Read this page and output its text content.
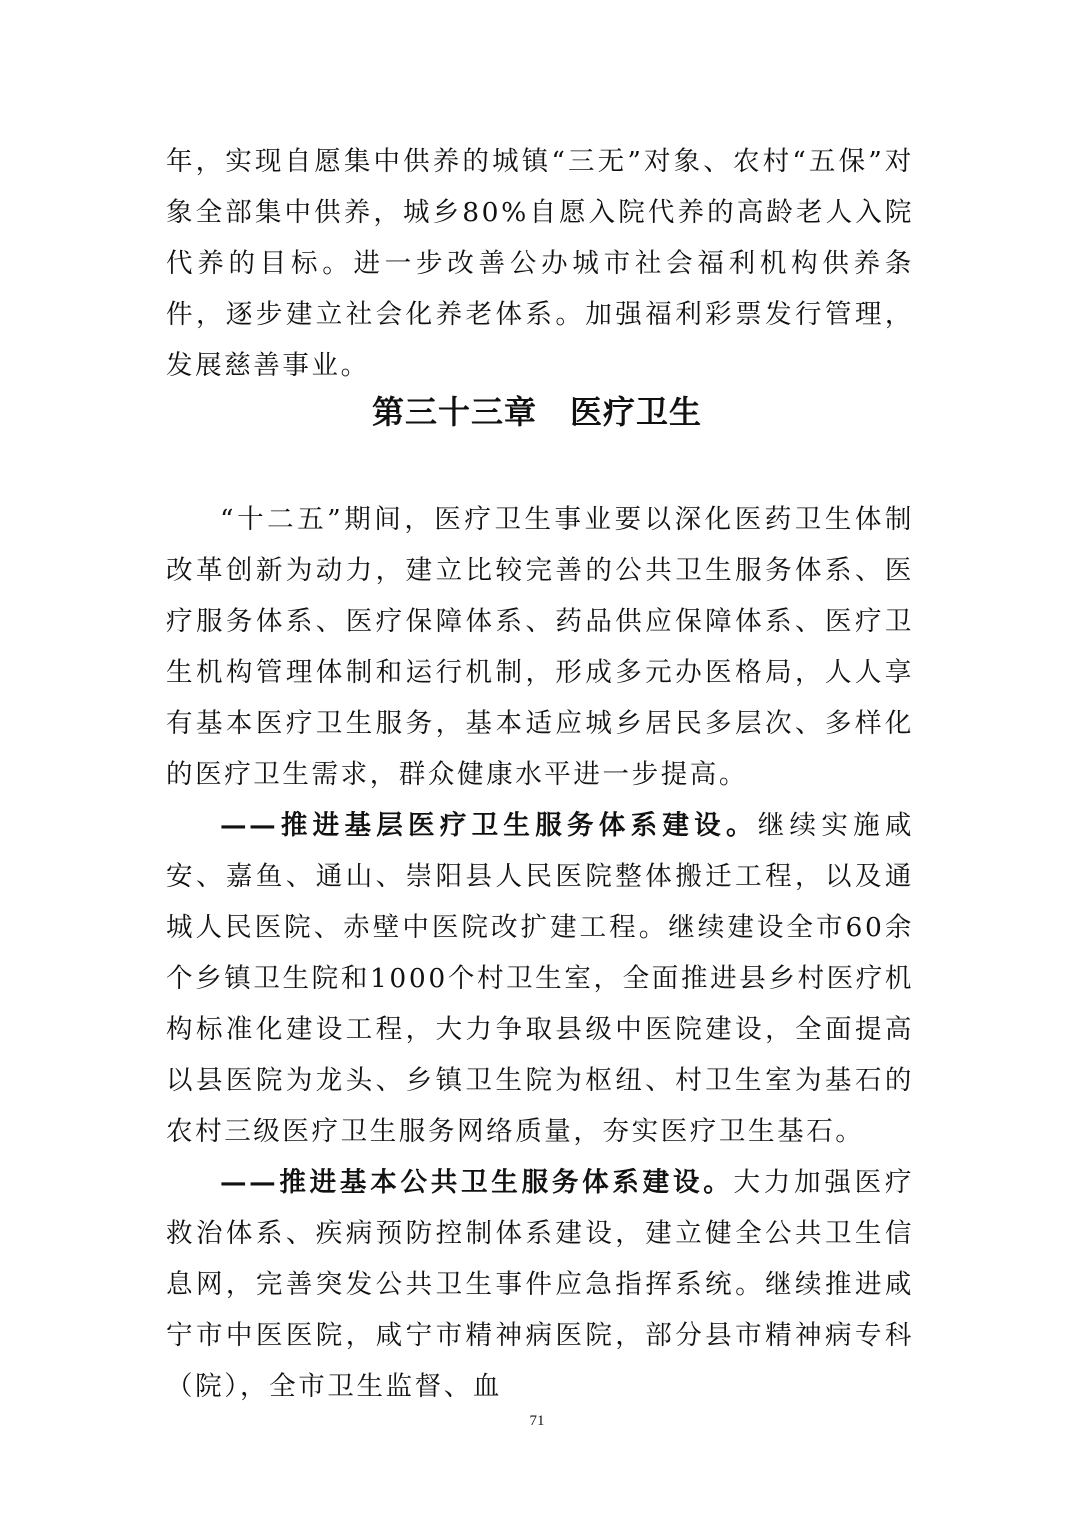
年，实现自愿集中供养的城镇“三无”对象、农村“五保”对象全部集中供养，城乡80%自愿入院代养的高龄老人入院代养的目标。进一步改善公办城市社会福利机构供养条件，逐步建立社会化养老体系。加强福利彩票发行管理，发展慈善事业。

第三十三章　医疗卫生

“十二五”期间，医疗卫生事业要以深化医药卫生体制改革创新为动力，建立比较完善的公共卫生服务体系、医疗服务体系、医疗保障体系、药品供应保障体系、医疗卫生机构管理体制和运行机制，形成多元办医格局，人人享有基本医疗卫生服务，基本适应城乡居民多层次、多样化的医疗卫生需求，群众健康水平进一步提高。

——推进基层医疗卫生服务体系建设。继续实施咸安、嘉鱼、通山、崇阳县人民医院整体搬迁工程，以及通城人民医院、赤壁中医院改扩建工程。继续建设全市60余个乡镇卫生院和1000个村卫生室，全面推进县乡村医疗机构标准化建设工程，大力争取县级中医院建设，全面提高以县医院为龙头、乡镇卫生院为枢纽、村卫生室为基石的农村三级医疗卫生服务网络质量，夯实医疗卫生基石。

——推进基本公共卫生服务体系建设。大力加强医疗救治体系、疾病预防控制体系建设，建立健全公共卫生信息网，完善突发公共卫生事件应急指挥系统。继续推进咸宁市中医医院，咸宁市精神病医院，部分县市精神病专科（院），全市卫生监督、血

71
